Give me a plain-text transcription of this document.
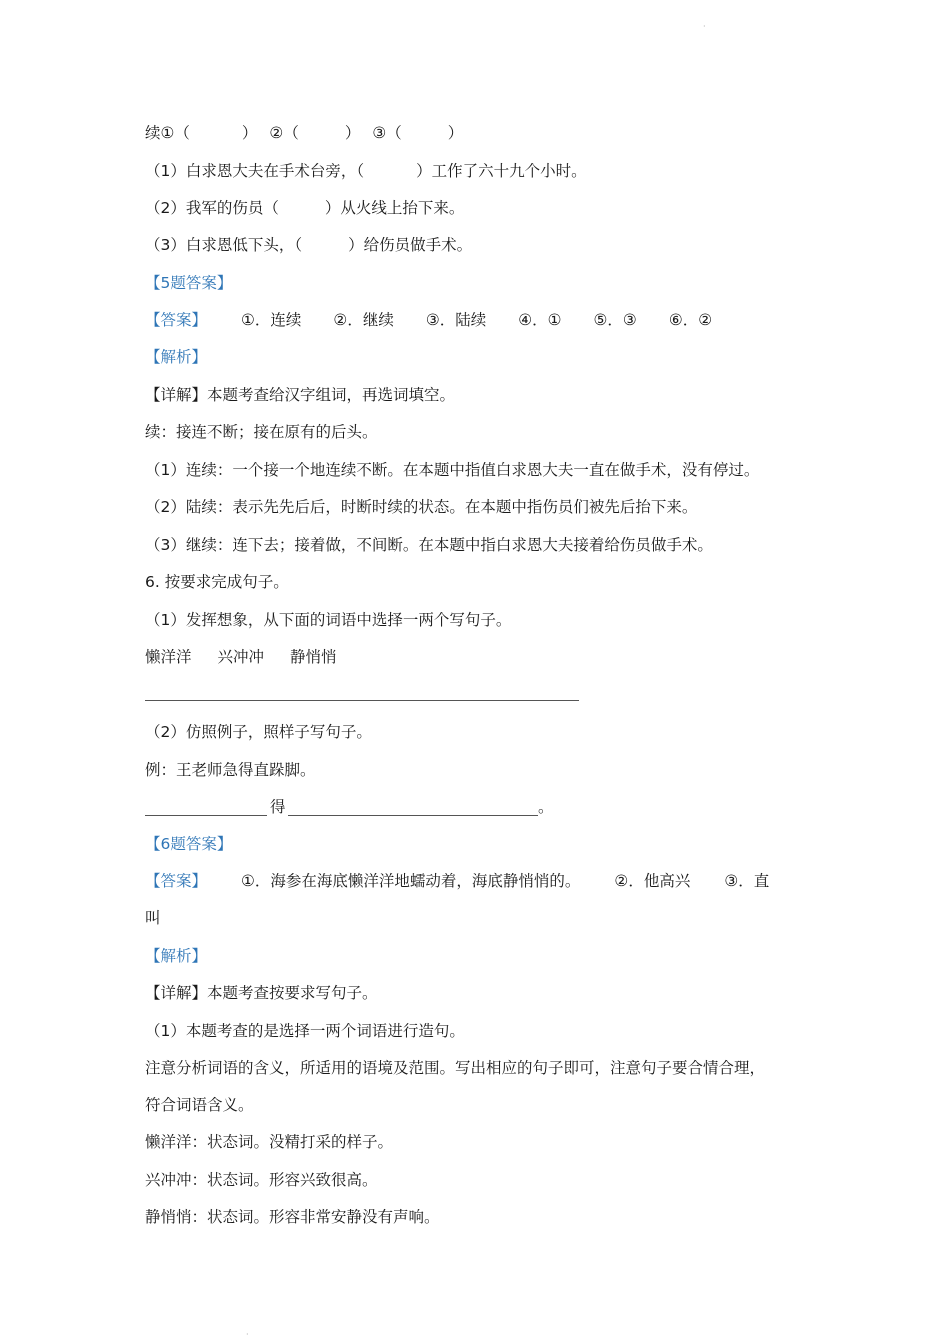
·
续①（	） ②（	） ③（	）
（1）白求恩大夫在手术台旁，（	）工作了六十九个小时。
（2）我军的伤员（	）从火线上抬下来。
（3）白求恩低下头，（	）给伤员做手术。
【5题答案】
【答案】 ①．连续 ②．继续 ③．陆续 ④．① ⑤．③ ⑥．②
【解析】
【详解】本题考查给汉字组词，再选词填空。
续：接连不断；接在原有的后头。
（1）连续：一个接一个地连续不断。在本题中指值白求恩大夫一直在做手术，没有停过。
（2）陆续：表示先先后后，时断时续的状态。在本题中指伤员们被先后抬下来。
（3）继续：连下去；接着做，不间断。在本题中指白求恩大夫接着给伤员做手术。
6. 按要求完成句子。
（1）发挥想象，从下面的词语中选择一两个写句子。
懒洋洋 兴冲冲 静悄悄
（2）仿照例子，照样子写句子。
例：王老师急得直跺脚。
得	。
【6题答案】
【答案】 ①．海参在海底懒洋洋地蠕动着，海底静悄悄的。 ②．他高兴 ③．直
叫
【解析】
【详解】本题考查按要求写句子。
（1）本题考查的是选择一两个词语进行造句。
注意分析词语的含义，所适用的语境及范围。写出相应的句子即可，注意句子要合情合理，
符合词语含义。
懒洋洋：状态词。没精打采的样子。
兴冲冲：状态词。形容兴致很高。
静悄悄：状态词。形容非常安静没有声响。
·
